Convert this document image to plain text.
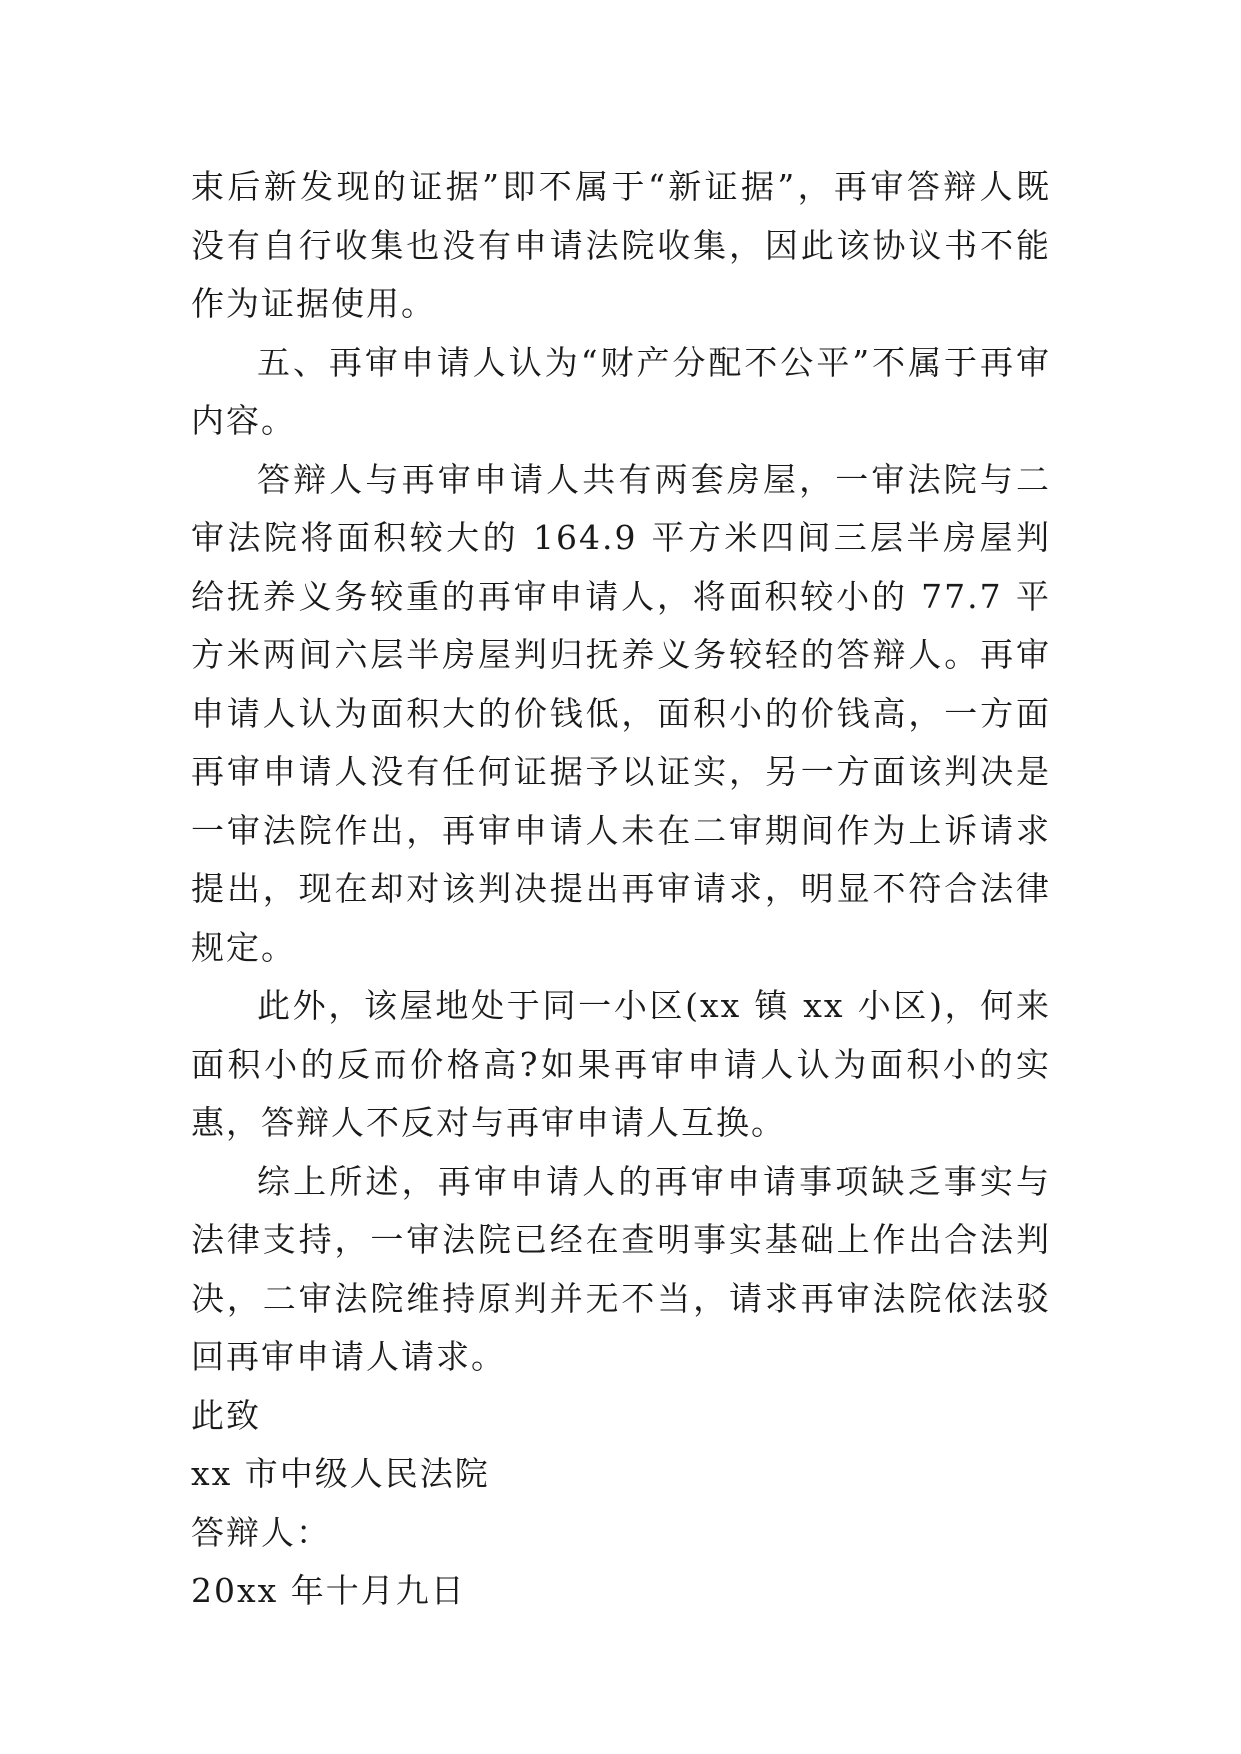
束后新发现的证据”即不属于“新证据”，再审答辩人既没有自行收集也没有申请法院收集，因此该协议书不能作为证据使用。

五、再审申请人认为“财产分配不公平”不属于再审内容。

答辩人与再审申请人共有两套房屋，一审法院与二审法院将面积较大的 164.9 平方米四间三层半房屋判给抚养义务较重的再审申请人，将面积较小的 77.7 平方米两间六层半房屋判归抚养义务较轻的答辩人。再审申请人认为面积大的价钱低，面积小的价钱高，一方面再审申请人没有任何证据予以证实，另一方面该判决是一审法院作出，再审申请人未在二审期间作为上诉请求提出，现在却对该判决提出再审请求，明显不符合法律规定。

此外，该屋地处于同一小区(xx 镇 xx 小区)，何来面积小的反而价格高?如果再审申请人认为面积小的实惠，答辩人不反对与再审申请人互换。

综上所述，再审申请人的再审申请事项缺乏事实与法律支持，一审法院已经在查明事实基础上作出合法判决，二审法院维持原判并无不当，请求再审法院依法驳回再审申请人请求。

此致

xx 市中级人民法院

答辩人：

20xx 年十月九日
